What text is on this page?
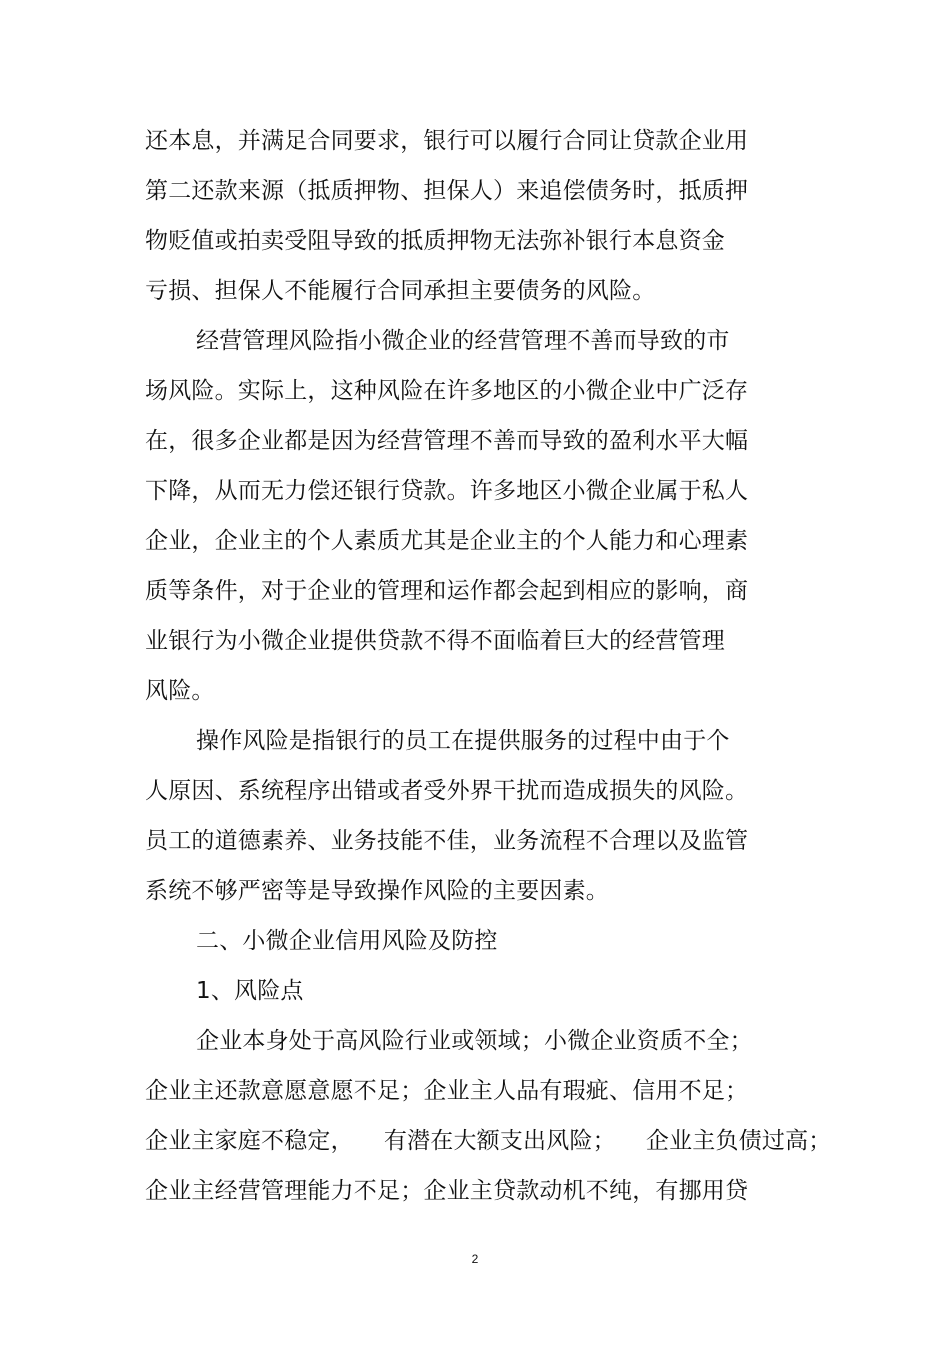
还本息，并满足合同要求，银行可以履行合同让贷款企业用
第二还款来源（抵质押物、担保人）来追偿债务时，抵质押
物贬值或拍卖受阻导致的抵质押物无法弥补银行本息资金
亏损、担保人不能履行合同承担主要债务的风险。
经营管理风险指小微企业的经营管理不善而导致的市
场风险。实际上，这种风险在许多地区的小微企业中广泛存
在，很多企业都是因为经营管理不善而导致的盈利水平大幅
下降，从而无力偿还银行贷款。许多地区小微企业属于私人
企业，企业主的个人素质尤其是企业主的个人能力和心理素
质等条件，对于企业的管理和运作都会起到相应的影响，商
业银行为小微企业提供贷款不得不面临着巨大的经营管理
风险。
操作风险是指银行的员工在提供服务的过程中由于个
人原因、系统程序出错或者受外界干扰而造成损失的风险。
员工的道德素养、业务技能不佳，业务流程不合理以及监管
系统不够严密等是导致操作风险的主要因素。
二、小微企业信用风险及防控
1、风险点
企业本身处于高风险行业或领域；小微企业资质不全；
企业主还款意愿意愿不足；企业主人品有瑕疵、信用不足；
企业主家庭不稳定，    有潜在大额支出风险；    企业主负债过高；
企业主经营管理能力不足；企业主贷款动机不纯，有挪用贷
2
